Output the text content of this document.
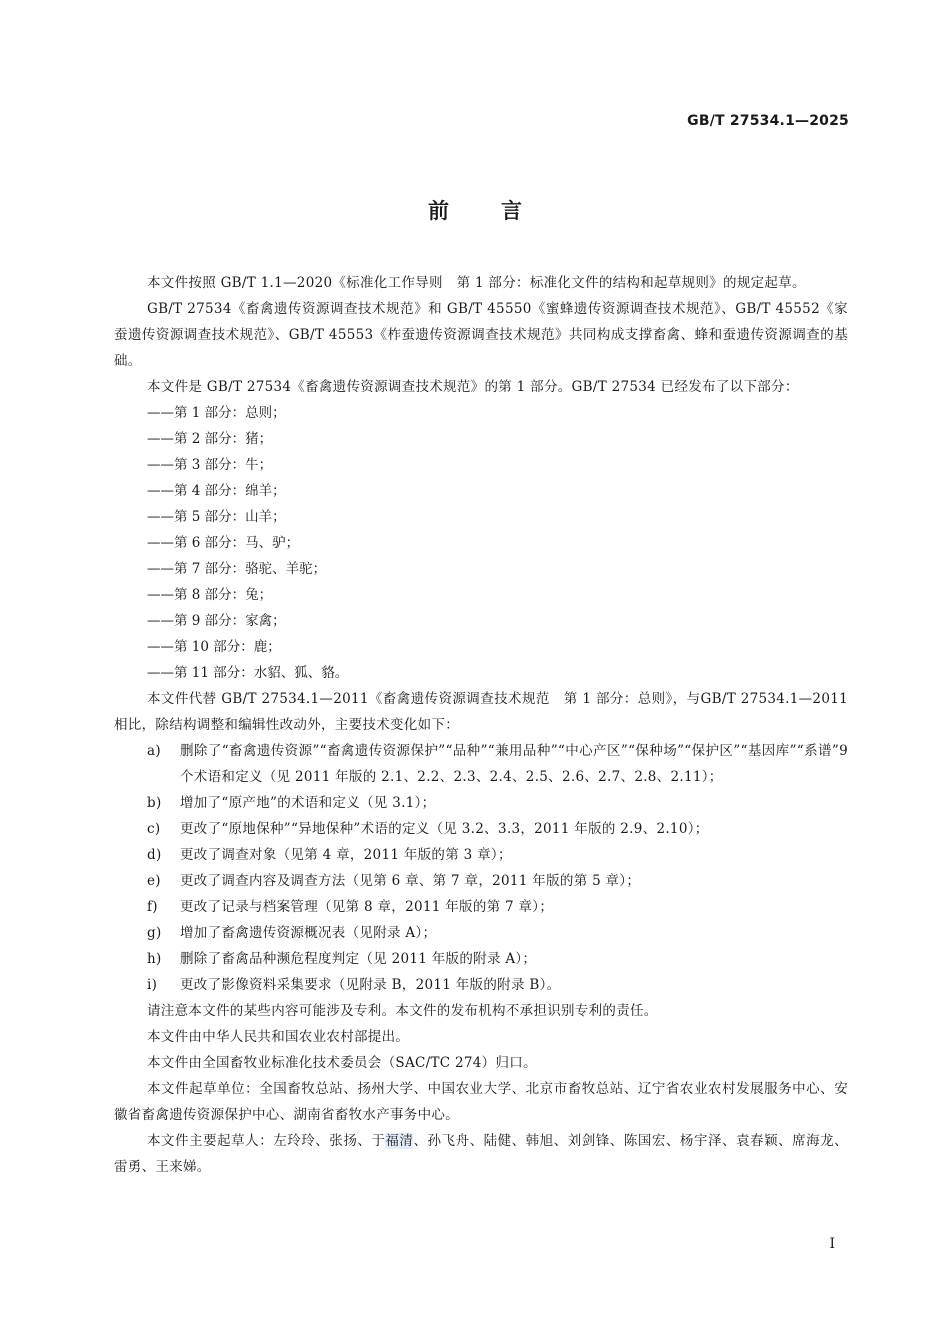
GB/T 27534.1—2025
前言

本文件按照 GB/T 1.1—2020《标准化工作导则　第 1 部分：标准化文件的结构和起草规则》的规定起草。

GB/T 27534《畜禽遗传资源调查技术规范》和 GB/T 45550《蜜蜂遗传资源调查技术规范》、GB/T 45552《家蚕遗传资源调查技术规范》、GB/T 45553《柞蚕遗传资源调查技术规范》共同构成支撑畜禽、蜂和蚕遗传资源调查的基础。

本文件是 GB/T 27534《畜禽遗传资源调查技术规范》的第 1 部分。GB/T 27534 已经发布了以下部分：

——第 1 部分：总则；

——第 2 部分：猪；

——第 3 部分：牛；

——第 4 部分：绵羊；

——第 5 部分：山羊；

——第 6 部分：马、驴；

——第 7 部分：骆驼、羊驼；

——第 8 部分：兔；

——第 9 部分：家禽；

——第 10 部分：鹿；

——第 11 部分：水貂、狐、貉。

本文件代替 GB/T 27534.1—2011《畜禽遗传资源调查技术规范　第 1 部分：总则》，与GB/T 27534.1—2011 相比，除结构调整和编辑性改动外，主要技术变化如下：

a)	删除了“畜禽遗传资源”“畜禽遗传资源保护”“品种”“兼用品种”“中心产区”“保种场”“保护区”“基因库”“系谱”9 个术语和定义（见 2011 年版的 2.1、2.2、2.3、2.4、2.5、2.6、2.7、2.8、2.11）；
b)	增加了“原产地”的术语和定义（见 3.1）；
c)	更改了“原地保种”“异地保种”术语的定义（见 3.2、3.3，2011 年版的 2.9、2.10）；
d)	更改了调查对象（见第 4 章，2011 年版的第 3 章）；
e)	更改了调查内容及调查方法（见第 6 章、第 7 章，2011 年版的第 5 章）；
f)	更改了记录与档案管理（见第 8 章，2011 年版的第 7 章）；
g)	增加了畜禽遗传资源概况表（见附录 A）；
h)	删除了畜禽品种濒危程度判定（见 2011 年版的附录 A）；
i)	更改了影像资料采集要求（见附录 B，2011 年版的附录 B）。

请注意本文件的某些内容可能涉及专利。本文件的发布机构不承担识别专利的责任。

本文件由中华人民共和国农业农村部提出。

本文件由全国畜牧业标准化技术委员会（SAC/TC 274）归口。

本文件起草单位：全国畜牧总站、扬州大学、中国农业大学、北京市畜牧总站、辽宁省农业农村发展服务中心、安徽省畜禽遗传资源保护中心、湖南省畜牧水产事务中心。

本文件主要起草人：左玲玲、张扬、于福清、孙飞舟、陆健、韩旭、刘剑锋、陈国宏、杨宇泽、袁春颖、席海龙、雷勇、王来娣。

I
